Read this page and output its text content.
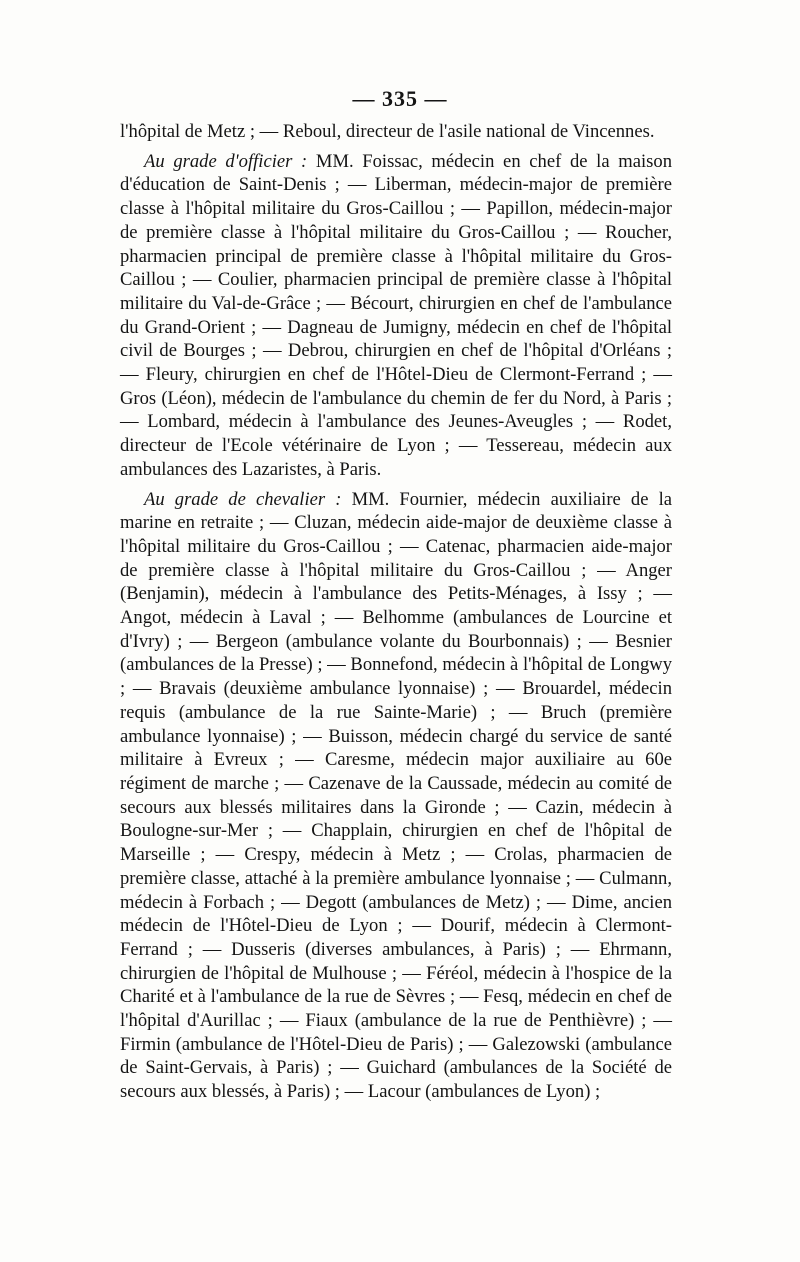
— 335 —

l'hôpital de Metz ; — Reboul, directeur de l'asile national de Vincennes.

Au grade d'officier : MM. Foissac, médecin en chef de la maison d'éducation de Saint-Denis ; — Liberman, médecin-major de première classe à l'hôpital militaire du Gros-Caillou ; — Papillon, médecin-major de première classe à l'hôpital militaire du Gros-Caillou ; — Roucher, pharmacien principal de première classe à l'hôpital militaire du Gros-Caillou ; — Coulier, pharmacien principal de première classe à l'hôpital militaire du Val-de-Grâce ; — Bécourt, chirurgien en chef de l'ambulance du Grand-Orient ; — Dagneau de Jumigny, médecin en chef de l'hôpital civil de Bourges ; — Debrou, chirurgien en chef de l'hôpital d'Orléans ; — Fleury, chirurgien en chef de l'Hôtel-Dieu de Clermont-Ferrand ; — Gros (Léon), médecin de l'ambulance du chemin de fer du Nord, à Paris ; — Lombard, médecin à l'ambulance des Jeunes-Aveugles ; — Rodet, directeur de l'Ecole vétérinaire de Lyon ; — Tessereau, médecin aux ambulances des Lazaristes, à Paris.

Au grade de chevalier : MM. Fournier, médecin auxiliaire de la marine en retraite ; — Cluzan, médecin aide-major de deuxième classe à l'hôpital militaire du Gros-Caillou ; — Catenac, pharmacien aide-major de première classe à l'hôpital militaire du Gros-Caillou ; — Anger (Benjamin), médecin à l'ambulance des Petits-Ménages, à Issy ; — Angot, médecin à Laval ; — Belhomme (ambulances de Lourcine et d'Ivry) ; — Bergeon (ambulance volante du Bourbonnais) ; — Besnier (ambulances de la Presse) ; — Bonnefond, médecin à l'hôpital de Longwy ; — Bravais (deuxième ambulance lyonnaise) ; — Brouardel, médecin requis (ambulance de la rue Sainte-Marie) ; — Bruch (première ambulance lyonnaise) ; — Buisson, médecin chargé du service de santé militaire à Evreux ; — Caresme, médecin major auxiliaire au 60e régiment de marche ; — Cazenave de la Caussade, médecin au comité de secours aux blessés militaires dans la Gironde ; — Cazin, médecin à Boulogne-sur-Mer ; — Chapplain, chirurgien en chef de l'hôpital de Marseille ; — Crespy, médecin à Metz ; — Crolas, pharmacien de première classe, attaché à la première ambulance lyonnaise ; — Culmann, médecin à Forbach ; — Degott (ambulances de Metz) ; — Dime, ancien médecin de l'Hôtel-Dieu de Lyon ; — Dourif, médecin à Clermont-Ferrand ; — Dusseris (diverses ambulances, à Paris) ; — Ehrmann, chirurgien de l'hôpital de Mulhouse ; — Féréol, médecin à l'hospice de la Charité et à l'ambulance de la rue de Sèvres ; — Fesq, médecin en chef de l'hôpital d'Aurillac ; — Fiaux (ambulance de la rue de Penthièvre) ; — Firmin (ambulance de l'Hôtel-Dieu de Paris) ; — Galezowski (ambulance de Saint-Gervais, à Paris) ; — Guichard (ambulances de la Société de secours aux blessés, à Paris) ; — Lacour (ambulances de Lyon) ;
